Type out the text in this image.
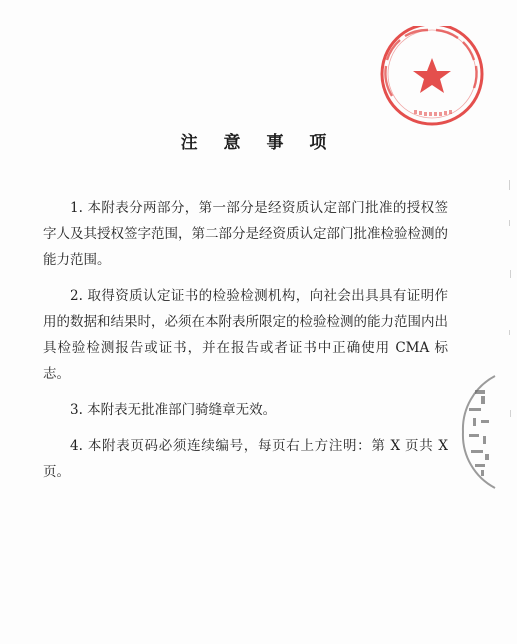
注 意 事 项

1. 本附表分两部分，第一部分是经资质认定部门批准的授权签字人及其授权签字范围，第二部分是经资质认定部门批准检验检测的能力范围。

2. 取得资质认定证书的检验检测机构，向社会出具具有证明作用的数据和结果时，必须在本附表所限定的检验检测的能力范围内出具检验检测报告或证书，并在报告或者证书中正确使用 CMA 标志。

3. 本附表无批准部门骑缝章无效。

4. 本附表页码必须连续编号，每页右上方注明：第 X 页共 X 页。
